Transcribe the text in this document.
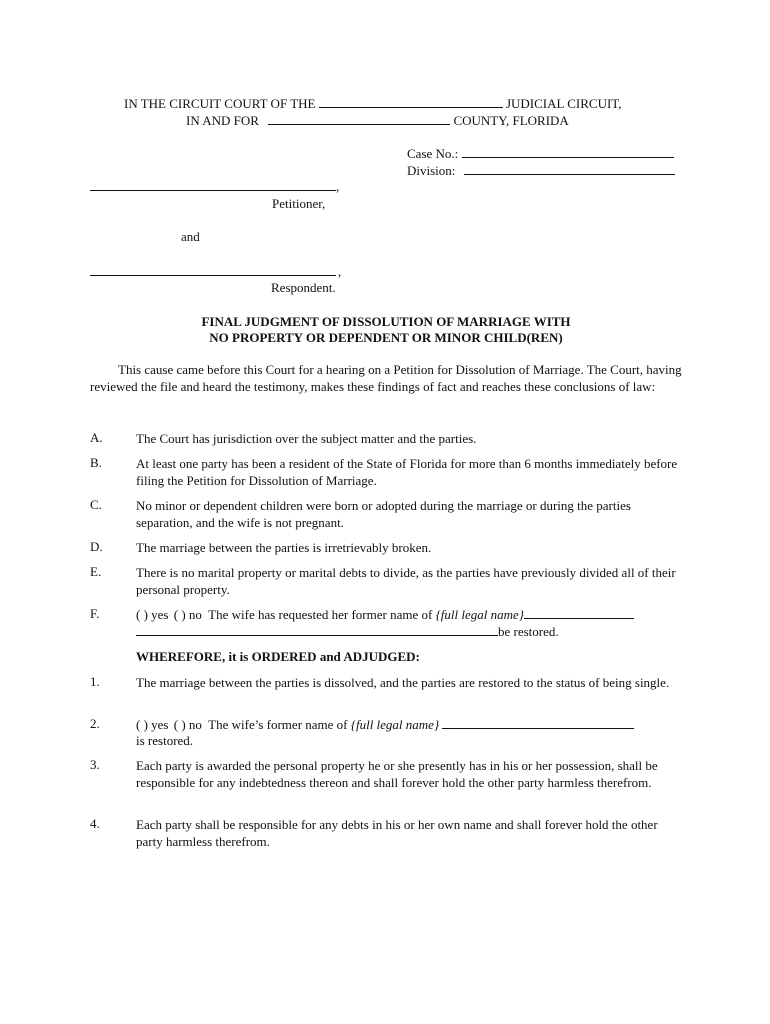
IN THE CIRCUIT COURT OF THE	JUDICIAL CIRCUIT,
IN AND FOR	COUNTY, FLORIDA
Case No.:
Division:
,
Petitioner,
and
,
Respondent.
FINAL JUDGMENT OF DISSOLUTION OF MARRIAGE WITH
NO PROPERTY OR DEPENDENT OR MINOR CHILD(REN)
This cause came before this Court for a hearing on a Petition for Dissolution of Marriage. The Court, having reviewed the file and heard the testimony, makes these findings of fact and reaches these conclusions of law:
A.	The Court has jurisdiction over the subject matter and the parties.
B.	At least one party has been a resident of the State of Florida for more than 6 months immediately before filing the Petition for Dissolution of Marriage.
C.	No minor or dependent children were born or adopted during the marriage or during the parties separation, and the wife is not pregnant.
D.	The marriage between the parties is irretrievably broken.
E.	There is no marital property or marital debts to divide, as the parties have previously divided all of their personal property.
F.	( ) yes ( ) no The wife has requested her former name of {full legal name}
be restored.
WHEREFORE, it is ORDERED and ADJUDGED:
1.	The marriage between the parties is dissolved, and the parties are restored to the status of being single.
2.	( ) yes ( ) no The wife’s former name of {full legal name}
is restored.
3.	Each party is awarded the personal property he or she presently has in his or her possession, shall be responsible for any indebtedness thereon and shall forever hold the other party harmless therefrom.
4.	Each party shall be responsible for any debts in his or her own name and shall forever hold the other party harmless therefrom.
